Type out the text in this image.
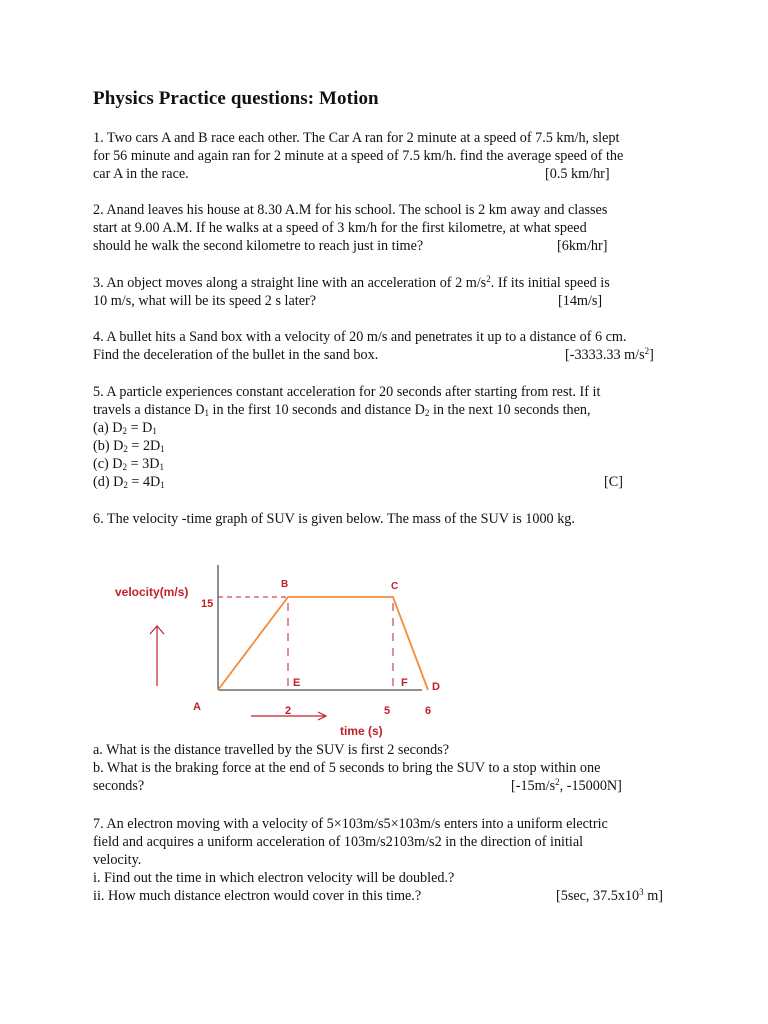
Physics Practice questions: Motion
1. Two cars A and B race each other. The Car A ran for 2 minute at a speed of 7.5 km/h, slept
for 56 minute and again ran for 2 minute at a speed of 7.5 km/h. find the average speed of the
car A in the race.	[0.5 km/hr]
2. Anand leaves his house at 8.30 A.M for his school. The school is 2 km away and classes
start at 9.00 A.M. If he walks at a speed of 3 km/h for the first kilometre, at what speed
should he walk the second kilometre to reach just in time?	[6km/hr]
3. An object moves along a straight line with an acceleration of 2 $m/s^2$. If its initial speed is
10 m/s, what will be its speed 2 s later?	[14m/s]
4. A bullet hits a Sand box with a velocity of 20 m/s and penetrates it up to a distance of 6 cm.
Find the deceleration of the bullet in the sand box.	[-3333.33 $m/s^2$]
5. A particle experiences constant acceleration for 20 seconds after starting from rest. If it
travels a distance $D_1$ in the first 10 seconds and distance $D_2$ in the next 10 seconds then,
(a) $D_2 = D_1$
(b) $D_2 = 2D_1$
(c) $D_2 = 3D_1$
(d) $D_2 = 4D_1$	[C]
6. The velocity -time graph of SUV is given below. The mass of the SUV is 1000 kg.
A
B	C
D
E	F
15
2	5	6
velocity(m/s)
time (s)
a. What is the distance travelled by the SUV is first 2 seconds?
b. What is the braking force at the end of 5 seconds to bring the SUV to a stop within one
seconds?	[$-15m/s^2$, -15000N]
7. An electron moving with a velocity of 5×103m/s5×103m/s enters into a uniform electric
field and acquires a uniform acceleration of 103m/s2103m/s2 in the direction of initial
velocity.
i. Find out the time in which electron velocity will be doubled.?
ii. How much distance electron would cover in this time.?	[5sec, $37.5x10^3$ m]
